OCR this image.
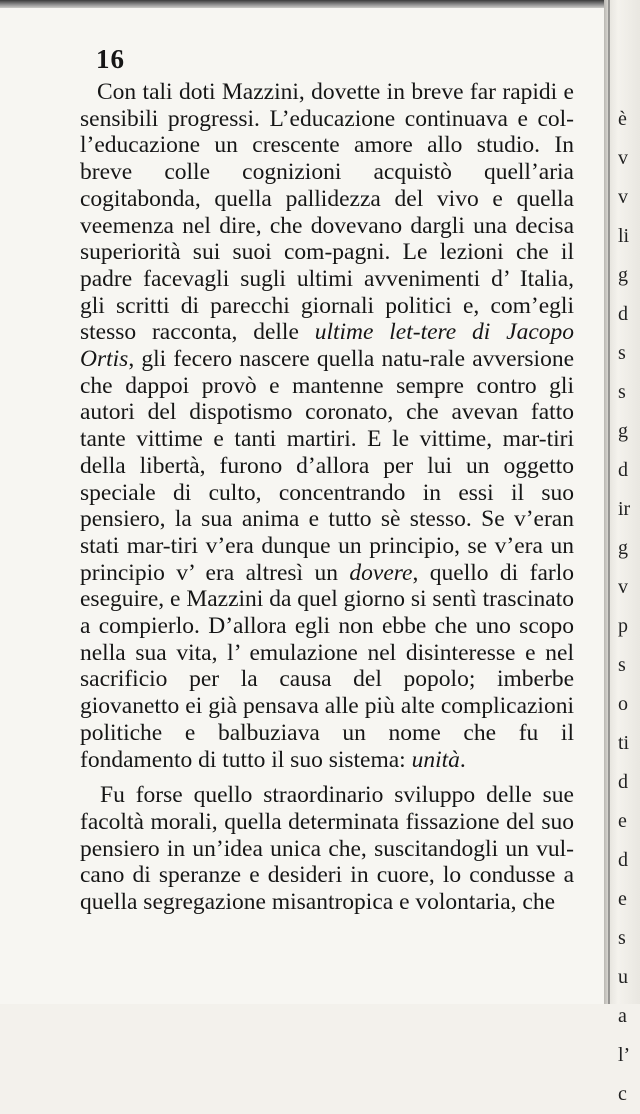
16

Con tali doti Mazzini, dovette in breve far rapidi e sensibili progressi. L’educazione continuava e col-l’educazione un crescente amore allo studio. In breve colle cognizioni acquistò quell’aria cogitabonda, quella pallidezza del vivo e quella veemenza nel dire, che dovevano dargli una decisa superiorità sui suoi com-pagni. Le lezioni che il padre facevagli sugli ultimi avvenimenti d’ Italia, gli scritti di parecchi giornali politici e, com’egli stesso racconta, delle ultime let-tere di Jacopo Ortis, gli fecero nascere quella natu-rale avversione che dappoi provò e mantenne sempre contro gli autori del dispotismo coronato, che avevan fatto tante vittime e tanti martiri. E le vittime, mar-tiri della libertà, furono d’allora per lui un oggetto speciale di culto, concentrando in essi il suo pensiero, la sua anima e tutto sè stesso. Se v’eran stati mar-tiri v’era dunque un principio, se v’era un principio v’ era altresì un dovere, quello di farlo eseguire, e Mazzini da quel giorno si sentì trascinato a compierlo. D’allora egli non ebbe che uno scopo nella sua vita, l’ emulazione nel disinteresse e nel sacrificio per la causa del popolo; imberbe giovanetto ei già pensava alle più alte complicazioni politiche e balbuziava un nome che fu il fondamento di tutto il suo sistema: unità.

Fu forse quello straordinario sviluppo delle sue facoltà morali, quella determinata fissazione del suo pensiero in un’idea unica che, suscitandogli un vul-cano di speranze e desideri in cuore, lo condusse a quella segregazione misantropica e volontaria, che

è
v
v
li
g
d
s
s
g
d
ir
g
v
p
s
o
ti
d
e
d
e
s
u
a
l’
c
